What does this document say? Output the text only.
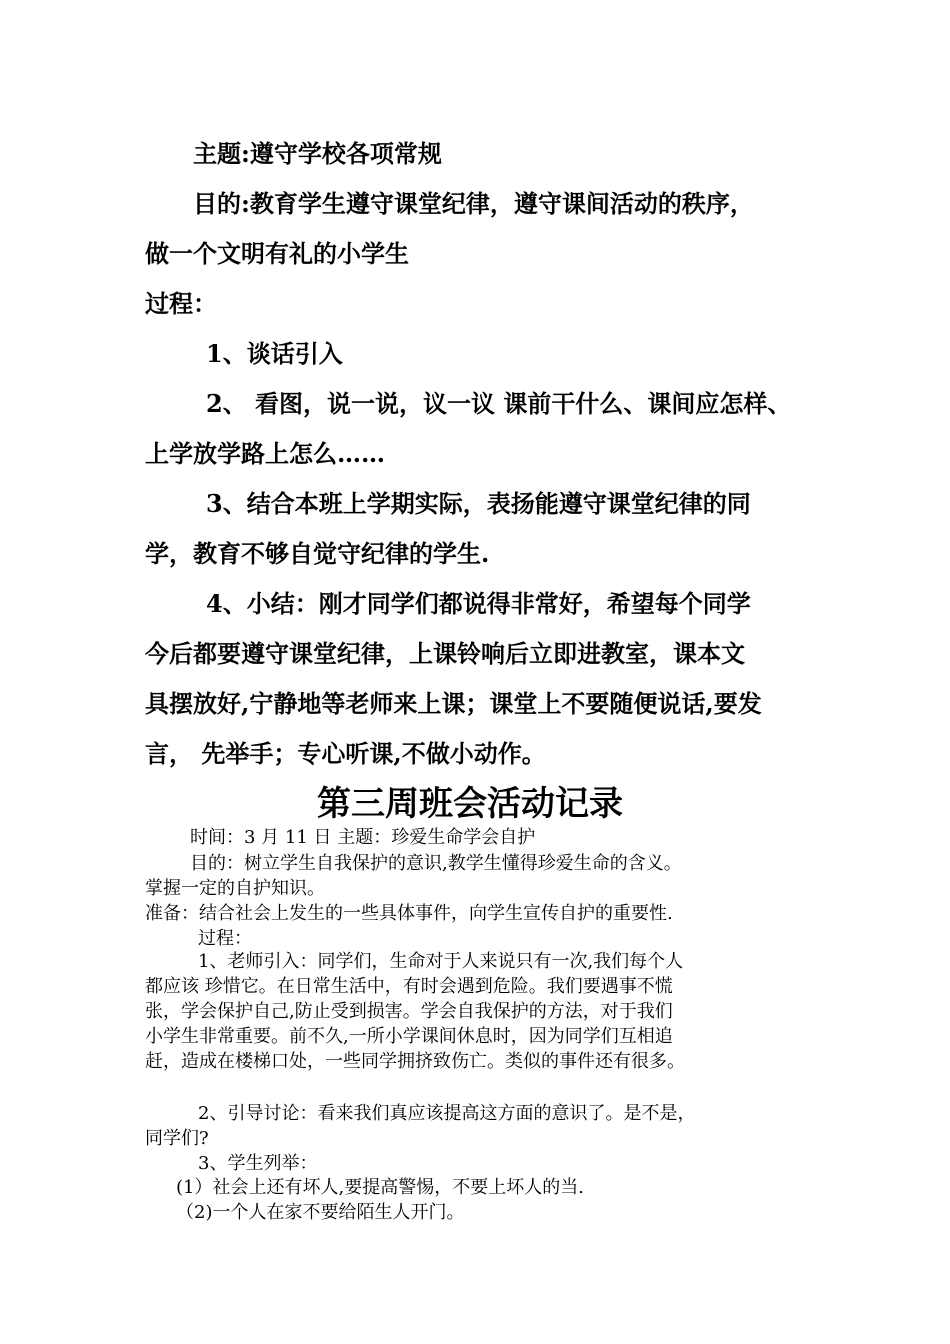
主题:遵守学校各项常规
目的:教育学生遵守课堂纪律，遵守课间活动的秩序，
做一个文明有礼的小学生
过程：
1、谈话引入
2、 看图，说一说，议一议 课前干什么、课间应怎样、
上学放学路上怎么……
3、结合本班上学期实际，表扬能遵守课堂纪律的同
学，教育不够自觉守纪律的学生.
4、小结：刚才同学们都说得非常好，希望每个同学
今后都要遵守课堂纪律，上课铃响后立即进教室，课本文
具摆放好,宁静地等老师来上课；课堂上不要随便说话,要发
言， 先举手；专心听课,不做小动作。
第三周班会活动记录
时间：3 月 11 日 主题：珍爱生命学会自护
目的：树立学生自我保护的意识,教学生懂得珍爱生命的含义。
掌握一定的自护知识。
准备：结合社会上发生的一些具体事件，向学生宣传自护的重要性.
过程：
1、老师引入：同学们，生命对于人来说只有一次,我们每个人
都应该 珍惜它。在日常生活中，有时会遇到危险。我们要遇事不慌
张，学会保护自己,防止受到损害。学会自我保护的方法，对于我们
小学生非常重要。前不久,一所小学课间休息时，因为同学们互相追
赶，造成在楼梯口处，一些同学拥挤致伤亡。类似的事件还有很多。
2、引导讨论：看来我们真应该提高这方面的意识了。是不是，
同学们?
3、学生列举：
(1）社会上还有坏人,要提高警惕，不要上坏人的当.
（2)一个人在家不要给陌生人开门。
